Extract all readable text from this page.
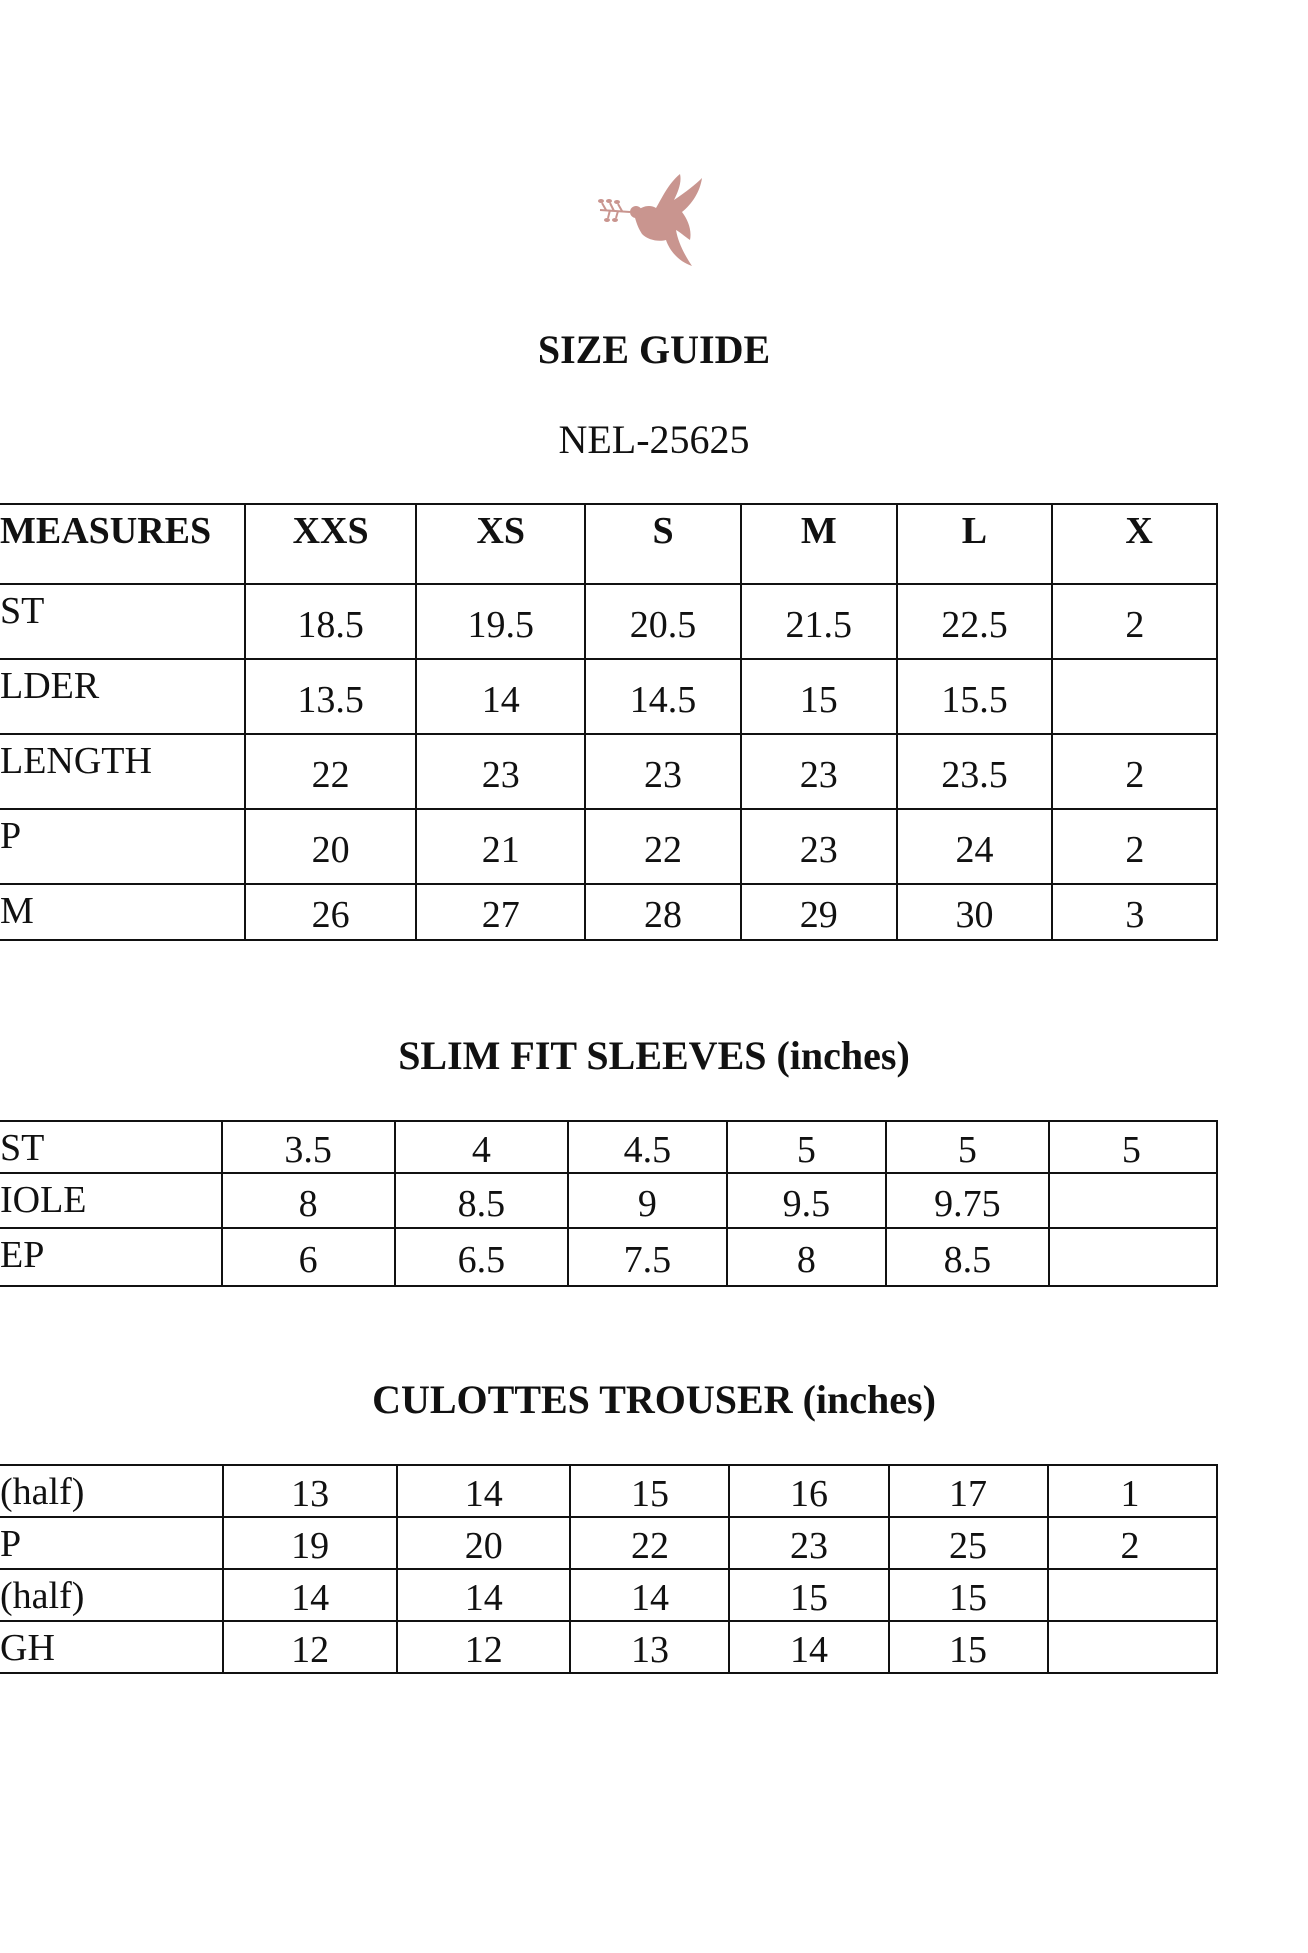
SIZE GUIDE

NEL-25625

MEASURES	XXS	XS	S	M	L	X
ST	18.5	19.5	20.5	21.5	22.5	2
LDER	13.5	14	14.5	15	15.5	
LENGTH	22	23	23	23	23.5	2
P	20	21	22	23	24	2
M	26	27	28	29	30	3
SLIM FIT SLEEVES (inches)
ST	3.5	4	4.5	5	5	5
IOLE	8	8.5	9	9.5	9.75	
EP	6	6.5	7.5	8	8.5	
CULOTTES TROUSER (inches)
(half)	13	14	15	16	17	1
P	19	20	22	23	25	2
(half)	14	14	14	15	15	
GH	12	12	13	14	15	
